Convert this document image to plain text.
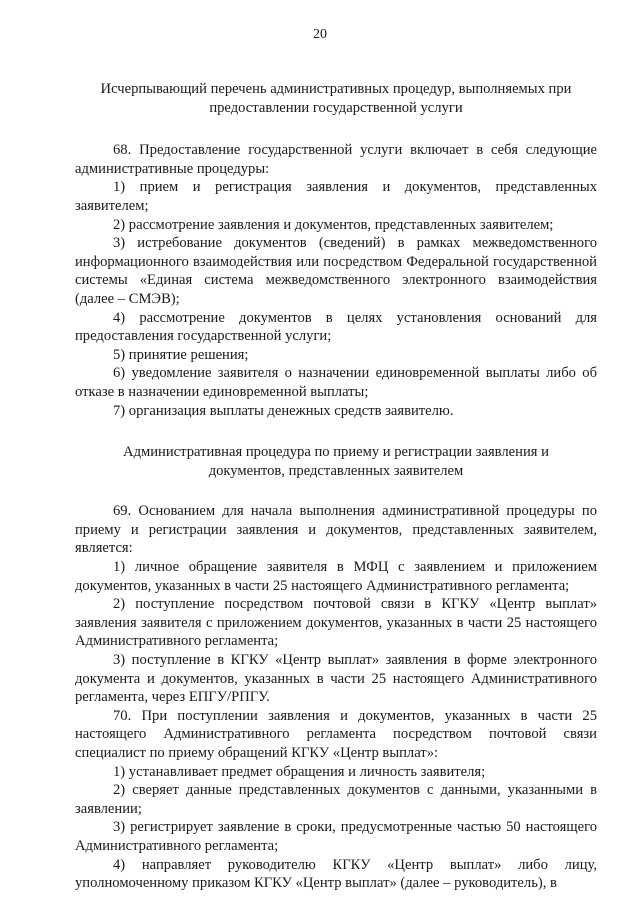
20
Исчерпывающий перечень административных процедур, выполняемых при предоставлении государственной услуги

68. Предоставление государственной услуги включает в себя следующие административные процедуры:

1) прием и регистрация заявления и документов, представленных заявителем;

2) рассмотрение заявления и документов, представленных заявителем;

3) истребование документов (сведений) в рамках межведомственного информационного взаимодействия или посредством Федеральной государственной системы «Единая система межведомственного электронного взаимодействия (далее – СМЭВ);

4) рассмотрение документов в целях установления оснований для предоставления государственной услуги;

5) принятие решения;

6) уведомление заявителя о назначении единовременной выплаты либо об отказе в назначении единовременной выплаты;

7) организация выплаты денежных средств заявителю.

Административная процедура по приему и регистрации заявления и документов, представленных заявителем

69. Основанием для начала выполнения административной процедуры по приему и регистрации заявления и документов, представленных заявителем, является:

1) личное обращение заявителя в МФЦ с заявлением и приложением документов, указанных в части 25 настоящего Административного регламента;

2) поступление посредством почтовой связи в КГКУ «Центр выплат» заявления заявителя с приложением документов, указанных в части 25 настоящего Административного регламента;

3) поступление в КГКУ «Центр выплат» заявления в форме электронного документа и документов, указанных в части 25 настоящего Административного регламента, через ЕПГУ/РПГУ.

70. При поступлении заявления и документов, указанных в части 25 настоящего Административного регламента посредством почтовой связи специалист по приему обращений КГКУ «Центр выплат»:

1) устанавливает предмет обращения и личность заявителя;

2) сверяет данные представленных документов с данными, указанными в заявлении;

3) регистрирует заявление в сроки, предусмотренные частью 50 настоящего Административного регламента;

4) направляет руководителю КГКУ «Центр выплат» либо лицу, уполномоченному приказом КГКУ «Центр выплат» (далее – руководитель), в
